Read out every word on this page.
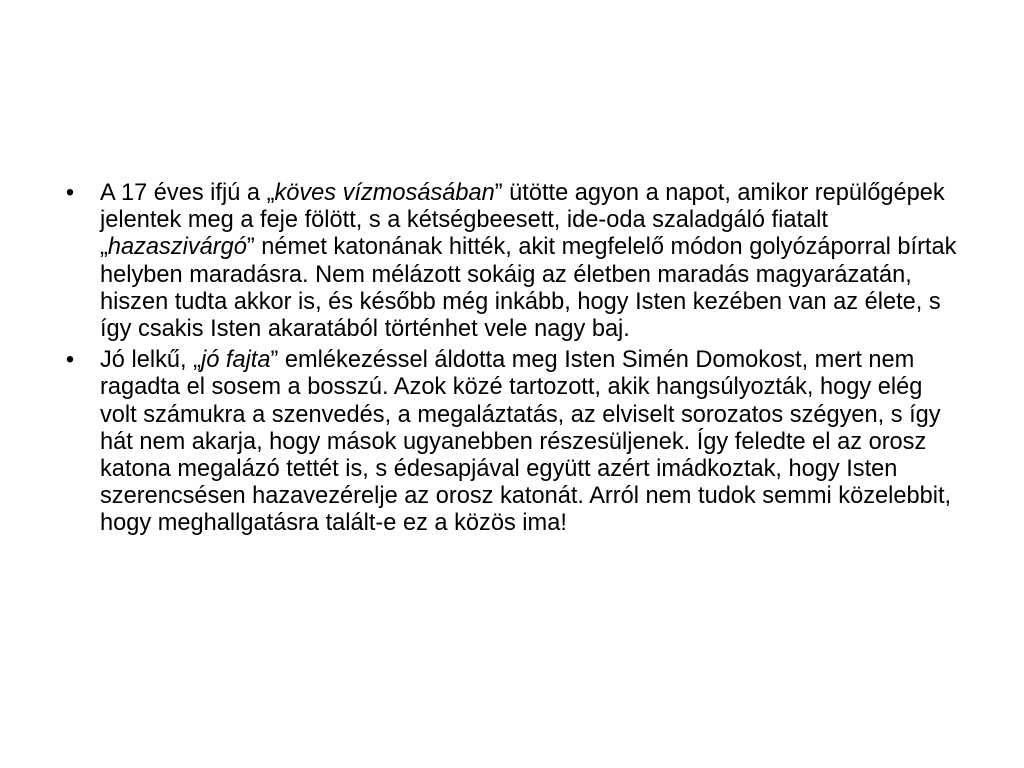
• A 17 éves ifjú a „köves vízmosásában” ütötte agyon a napot, amikor repülőgépek jelentek meg a feje fölött, s a kétségbeesett, ide-oda szaladgáló fiatalt „hazaszivárgó” német katonának hitték, akit megfelelő módon golyózáporral bírtak helyben maradásra. Nem mélázott sokáig az életben maradás magyarázatán, hiszen tudta akkor is, és később még inkább, hogy Isten kezében van az élete, s így csakis Isten akaratából történhet vele nagy baj.
• Jó lelkű, „jó fajta” emlékezéssel áldotta meg Isten Simén Domokost, mert nem ragadta el sosem a bosszú. Azok közé tartozott, akik hangsúlyozták, hogy elég volt számukra a szenvedés, a megaláztatás, az elviselt sorozatos szégyen, s így hát nem akarja, hogy mások ugyanebben részesüljenek. Így feledte el az orosz katona megalázó tettét is, s édesapjával együtt azért imádkoztak, hogy Isten szerencsésen hazavezérelje az orosz katonát. Arról nem tudok semmi közelebbit, hogy meghallgatásra talált-e ez a közös ima!
